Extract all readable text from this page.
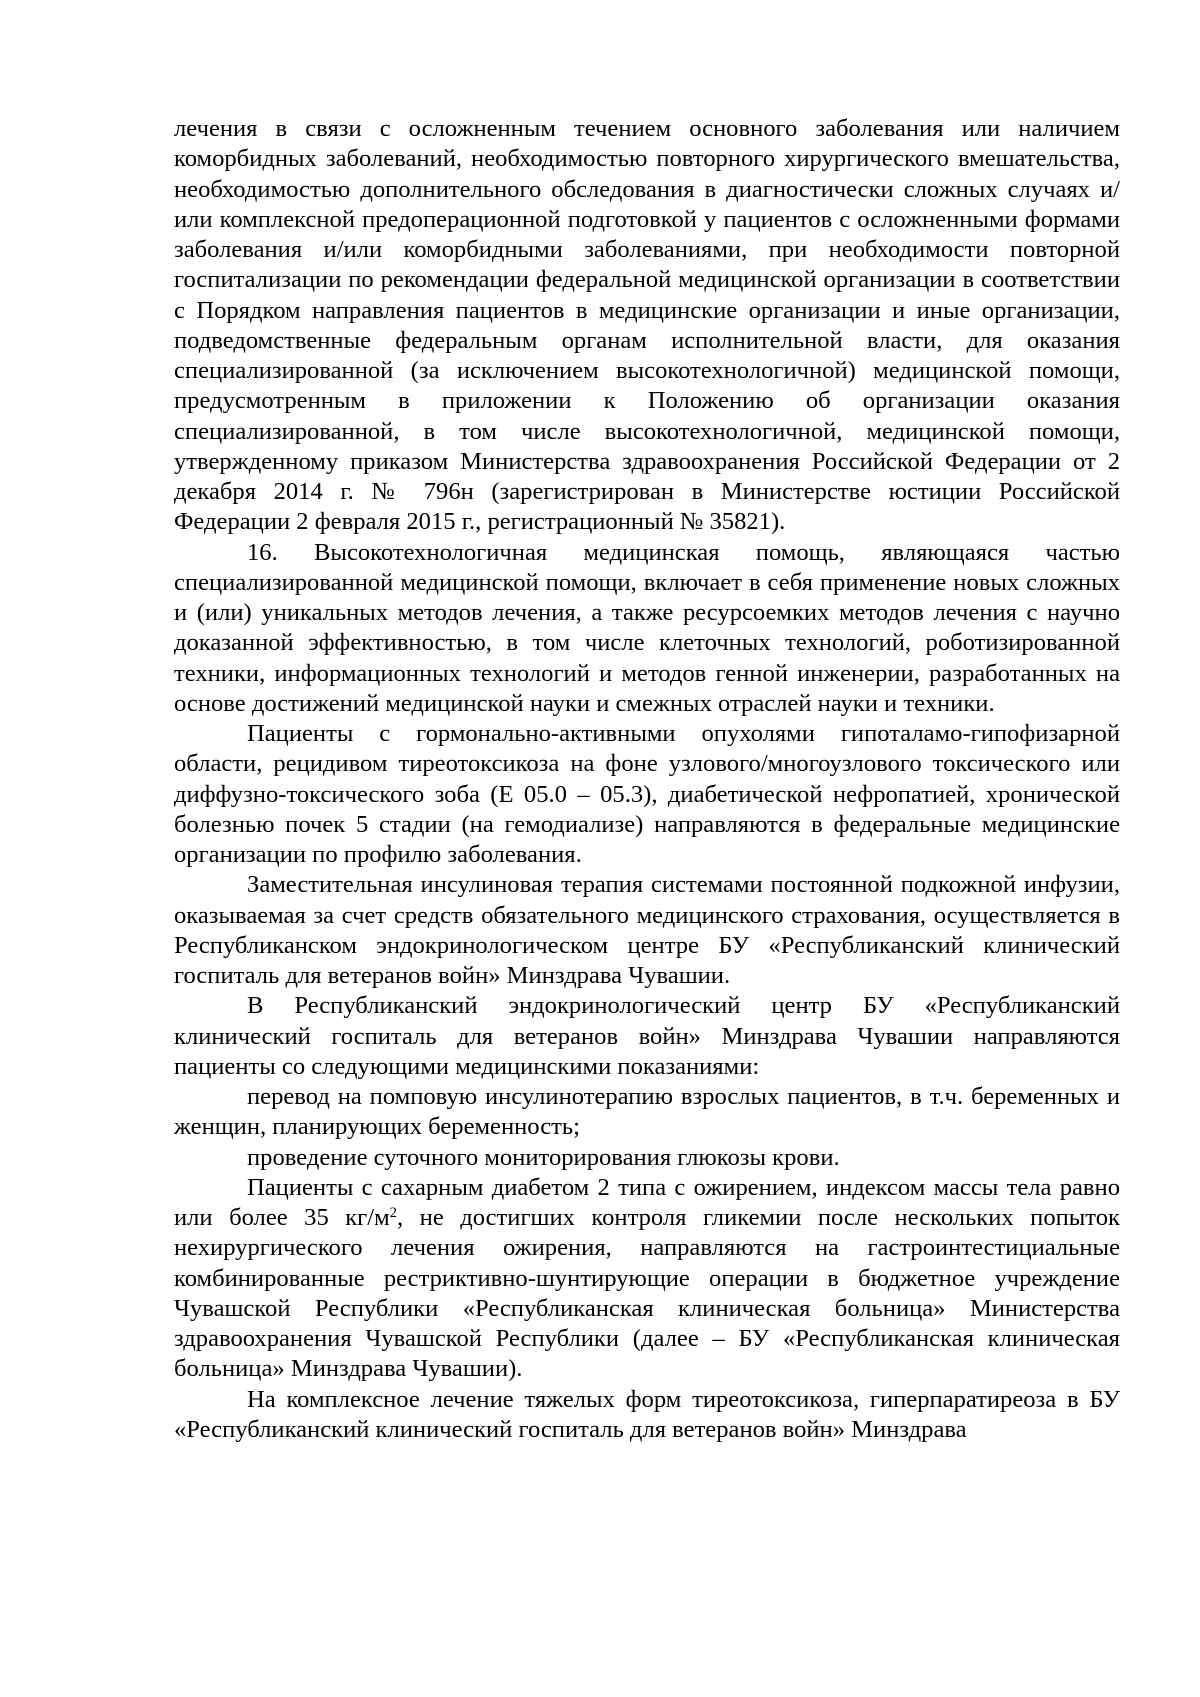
лечения в связи с осложненным течением основного заболевания или наличием коморбидных заболеваний, необходимостью повторного хирургического вмешательства, необходимостью дополнительного обследования в диагностически сложных случаях и/или комплексной предоперационной подготовкой у пациентов с осложненными формами заболевания и/или коморбидными заболеваниями, при необходимости повторной госпитализации по рекомендации федеральной медицинской организации в соответствии с Порядком направления пациентов в медицинские организации и иные организации, подведомственные федеральным органам исполнительной власти, для оказания специализированной (за исключением высокотехнологичной) медицинской помощи, предусмотренным в приложении к Положению об организации оказания специализированной, в том числе высокотехнологичной, медицинской помощи, утвержденному приказом Министерства здравоохранения Российской Федерации от 2 декабря 2014 г. № 796н (зарегистрирован в Министерстве юстиции Российской Федерации 2 февраля 2015 г., регистрационный № 35821).

16. Высокотехнологичная медицинская помощь, являющаяся частью специализированной медицинской помощи, включает в себя применение новых сложных и (или) уникальных методов лечения, а также ресурсоемких методов лечения с научно доказанной эффективностью, в том числе клеточных технологий, роботизированной техники, информационных технологий и методов генной инженерии, разработанных на основе достижений медицинской науки и смежных отраслей науки и техники.

Пациенты с гормонально-активными опухолями гипоталамо-гипофизарной области, рецидивом тиреотоксикоза на фоне узлового/многоузлового токсического или диффузно-токсического зоба (Е 05.0 – 05.3), диабетической нефропатией, хронической болезнью почек 5 стадии (на гемодиализе) направляются в федеральные медицинские организации по профилю заболевания.

Заместительная инсулиновая терапия системами постоянной подкожной инфузии, оказываемая за счет средств обязательного медицинского страхования, осуществляется в Республиканском эндокринологическом центре БУ «Республиканский клинический госпиталь для ветеранов войн» Минздрава Чувашии.

В Республиканский эндокринологический центр БУ «Республиканский клинический госпиталь для ветеранов войн» Минздрава Чувашии направляются пациенты со следующими медицинскими показаниями:

перевод на помповую инсулинотерапию взрослых пациентов, в т.ч. беременных и женщин, планирующих беременность;

проведение суточного мониторирования глюкозы крови.

Пациенты с сахарным диабетом 2 типа с ожирением, индексом массы тела равно или более 35 $кг/м^2$, не достигших контроля гликемии после нескольких попыток нехирургического лечения ожирения, направляются на гастроинтестициальные комбинированные рестриктивно-шунтирующие операции в бюджетное учреждение Чувашской Республики «Республиканская клиническая больница» Министерства здравоохранения Чувашской Республики (далее – БУ «Республиканская клиническая больница» Минздрава Чувашии).

На комплексное лечение тяжелых форм тиреотоксикоза, гиперпаратиреоза в БУ «Республиканский клинический госпиталь для ветеранов войн» Минздрава
